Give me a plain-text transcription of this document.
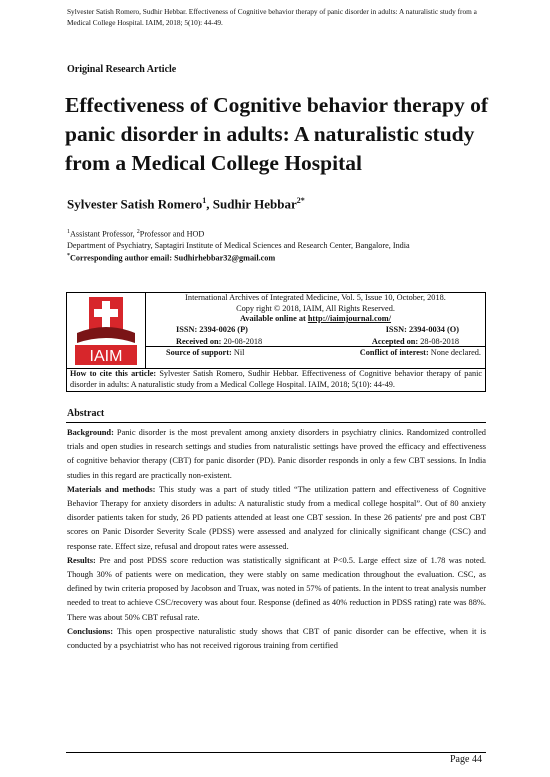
Sylvester Satish Romero, Sudhir Hebbar. Effectiveness of Cognitive behavior therapy of panic disorder in adults: A naturalistic study from a Medical College Hospital. IAIM, 2018; 5(10): 44-49.
Original Research Article
Effectiveness of Cognitive behavior therapy of panic disorder in adults: A naturalistic study from a Medical College Hospital
Sylvester Satish Romero$^1$, Sudhir Hebbar$^{2*}$
$^1$Assistant Professor, $^2$Professor and HOD
Department of Psychiatry, Saptagiri Institute of Medical Sciences and Research Center, Bangalore, India
*Corresponding author email: Sudhirhebbar32@gmail.com
IAIM
International Archives of Integrated Medicine, Vol. 5, Issue 10, October, 2018.
Copy right © 2018, IAIM, All Rights Reserved.
Available online at http://iaimjournal.com/
ISSN: 2394-0026 (P)	ISSN: 2394-0034 (O)
Received on: 20-08-2018	Accepted on: 28-08-2018
Source of support: Nil	Conflict of interest: None declared.
How to cite this article: Sylvester Satish Romero, Sudhir Hebbar. Effectiveness of Cognitive behavior therapy of panic disorder in adults: A naturalistic study from a Medical College Hospital. IAIM, 2018; 5(10): 44-49.
Abstract

Background: Panic disorder is the most prevalent among anxiety disorders in psychiatry clinics. Randomized controlled trials and open studies in research settings and studies from naturalistic settings have proved the efficacy and effectiveness of cognitive behavior therapy (CBT) for panic disorder (PD). Panic disorder responds in only a few CBT sessions. In India studies in this regard are practically non-existent.

Materials and methods: This study was a part of study titled “The utilization pattern and effectiveness of Cognitive Behavior Therapy for anxiety disorders in adults: A naturalistic study from a medical college hospital”. Out of 80 anxiety disorder patients taken for study, 26 PD patients attended at least one CBT session. In these 26 patients' pre and post CBT scores on Panic Disorder Severity Scale (PDSS) were assessed and analyzed for clinically significant change (CSC) and response rate. Effect size, refusal and dropout rates were assessed.

Results: Pre and post PDSS score reduction was statistically significant at P<0.5. Large effect size of 1.78 was noted. Though 30% of patients were on medication, they were stably on same medication throughout the evaluation. CSC, as defined by twin criteria proposed by Jacobson and Truax, was noted in 57% of patients. In the intent to treat analysis number needed to treat to achieve CSC/recovery was about four. Response (defined as 40% reduction in PDSS rating) rate was 88%. There was about 50% CBT refusal rate.

Conclusions: This open prospective naturalistic study shows that CBT of panic disorder can be effective, when it is conducted by a psychiatrist who has not received rigorous training from certified

Page 44
